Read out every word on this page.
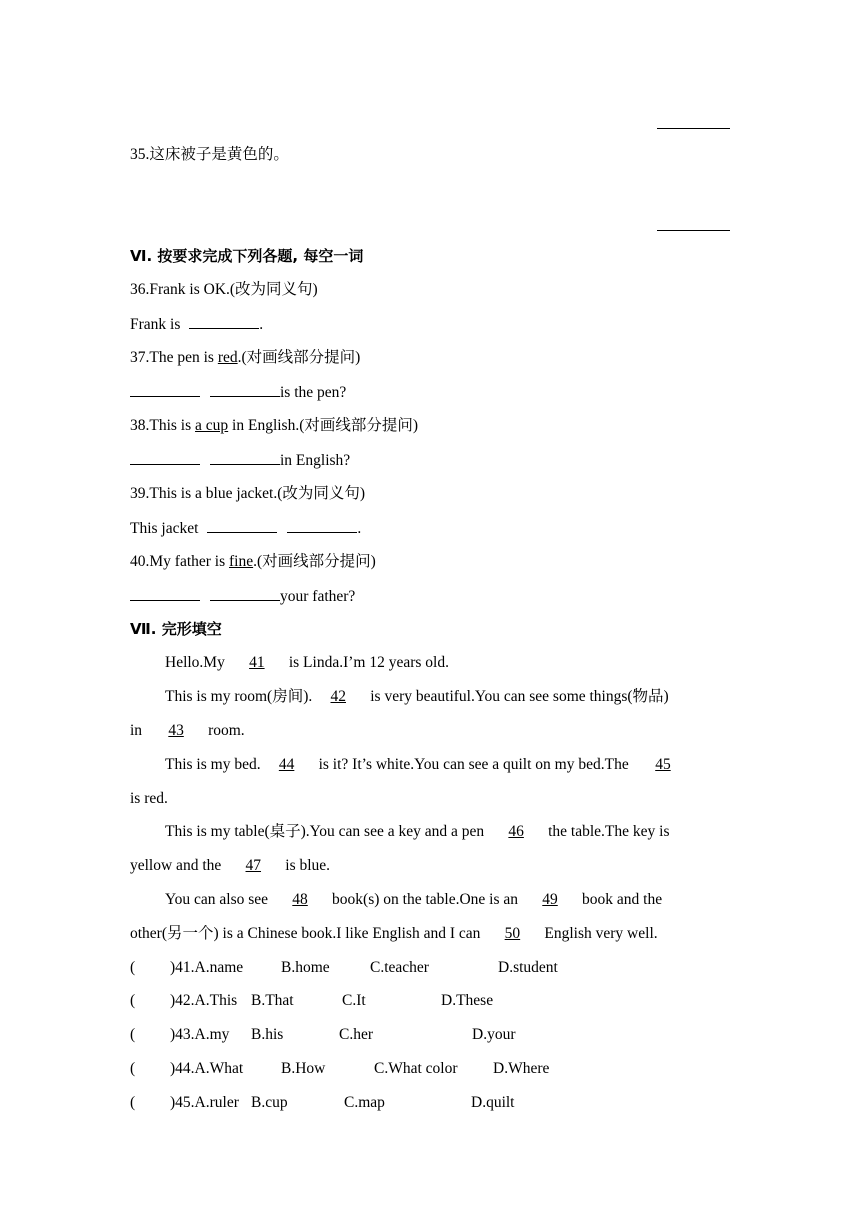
35.这床被子是黄色的。
Ⅵ. 按要求完成下列各题, 每空一词
36.Frank is OK.(改为同义句)
Frank is	.
37.The pen is red.(对画线部分提问)
is the pen?
38.This is a cup in English.(对画线部分提问)
in English?
39.This is a blue jacket.(改为同义句)
This jacket	.
40.My father is fine.(对画线部分提问)
your father?
Ⅶ. 完形填空
Hello.My 41 is Linda.I’m 12 years old.
This is my room(房间). 42 is very beautiful.You can see some things(物品)
in 43 room.
This is my bed. 44 is it? It’s white.You can see a quilt on my bed.The 45
is red.
This is my table(桌子).You can see a key and a pen 46 the table.The key is
yellow and the 47 is blue.
You can also see 48 book(s) on the table.One is an 49 book and the
other(另一个) is a Chinese book.I like English and I can 50 English very well.
( )41.A.name B.home	C.teacher	D.student
( )42.A.This B.That	C.It	D.These
( )43.A.my B.his	C.her	D.your
( )44.A.What B.How	C.What color D.Where
( )45.A.ruler B.cup	C.map	D.quilt
